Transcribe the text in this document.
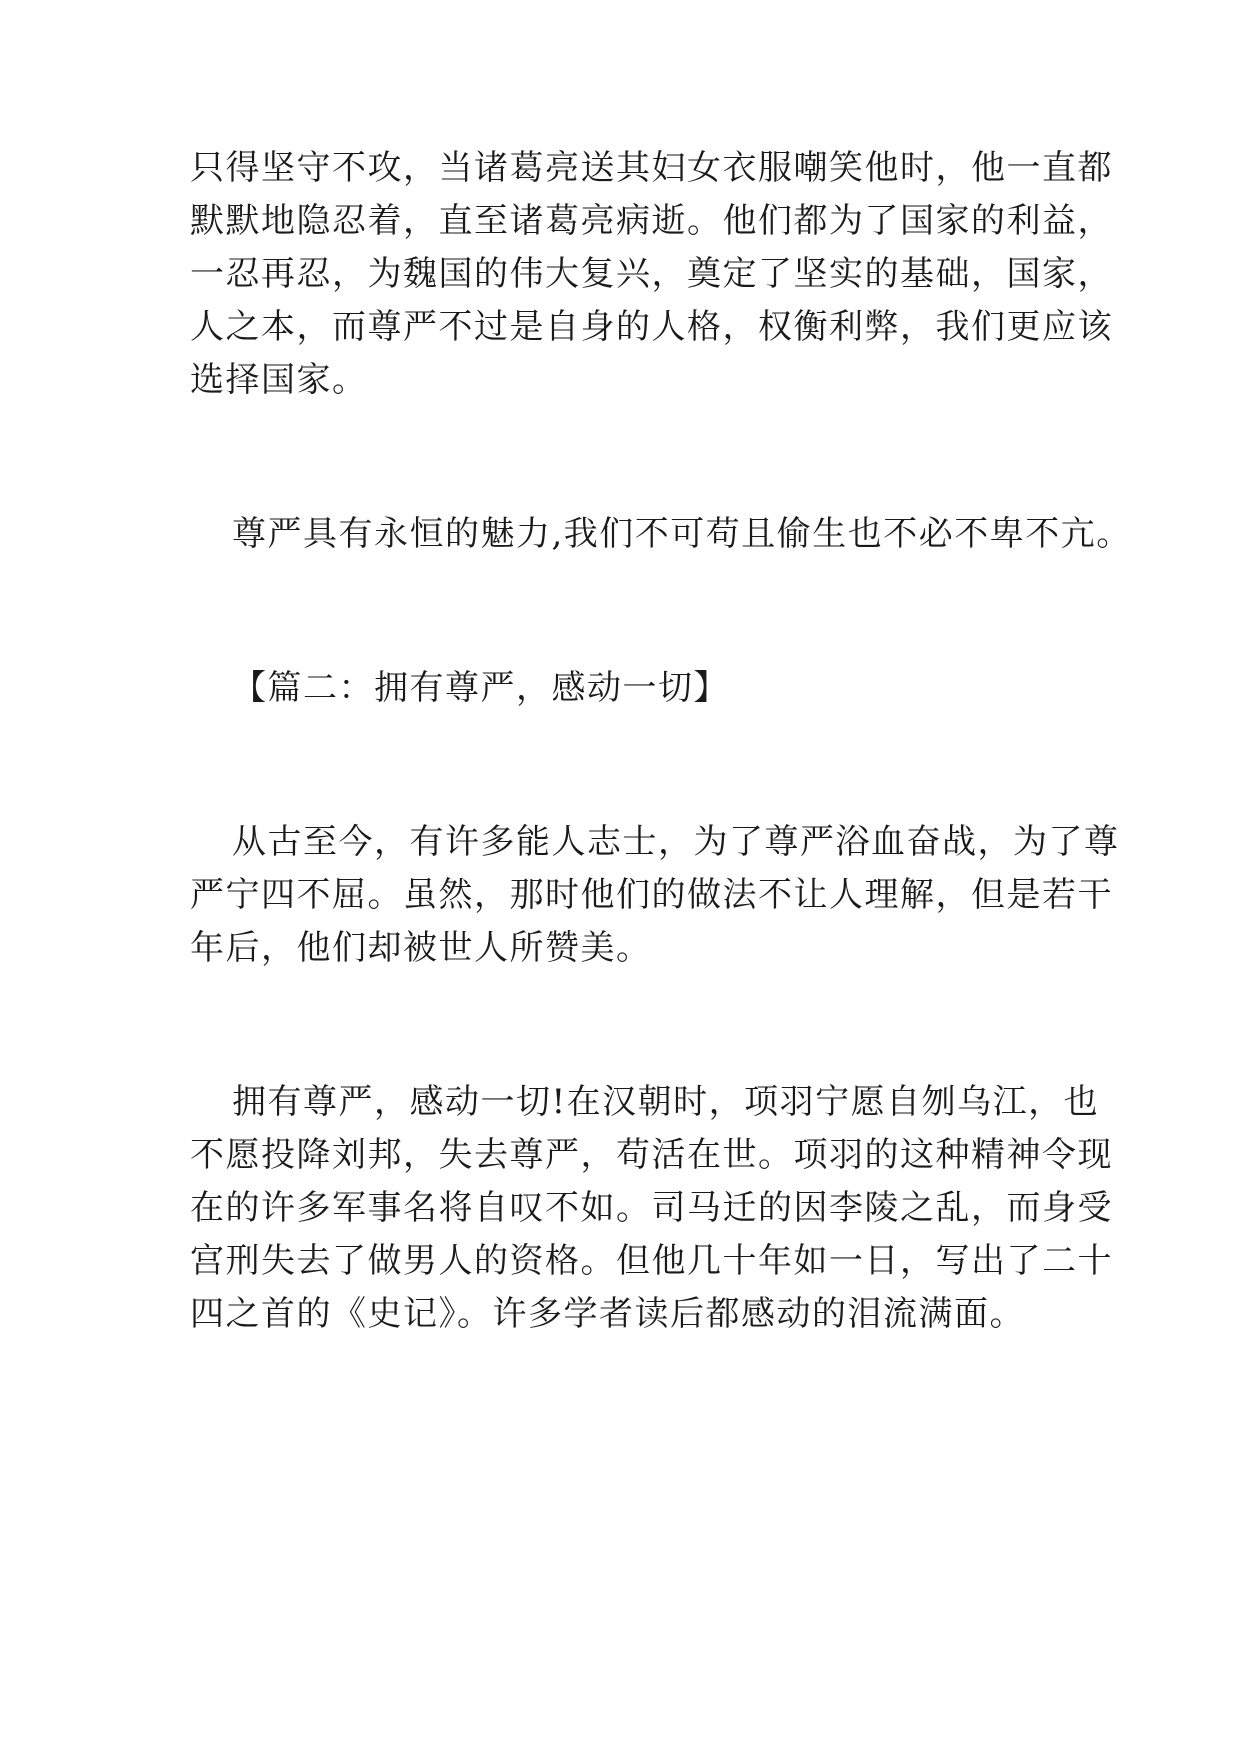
只得坚守不攻，当诸葛亮送其妇女衣服嘲笑他时，他一直都
默默地隐忍着，直至诸葛亮病逝。他们都为了国家的利益，
一忍再忍，为魏国的伟大复兴，奠定了坚实的基础，国家，
人之本，而尊严不过是自身的人格，权衡利弊，我们更应该
选择国家。
尊严具有永恒的魅力,我们不可苟且偷生也不必不卑不亢。
【篇二：拥有尊严，感动一切】
从古至今，有许多能人志士，为了尊严浴血奋战，为了尊
严宁四不屈。虽然，那时他们的做法不让人理解，但是若干
年后，他们却被世人所赞美。
拥有尊严，感动一切!在汉朝时，项羽宁愿自刎乌江，也
不愿投降刘邦，失去尊严，苟活在世。项羽的这种精神令现
在的许多军事名将自叹不如。司马迁的因李陵之乱，而身受
宫刑失去了做男人的资格。但他几十年如一日，写出了二十
四之首的《史记》。许多学者读后都感动的泪流满面。
